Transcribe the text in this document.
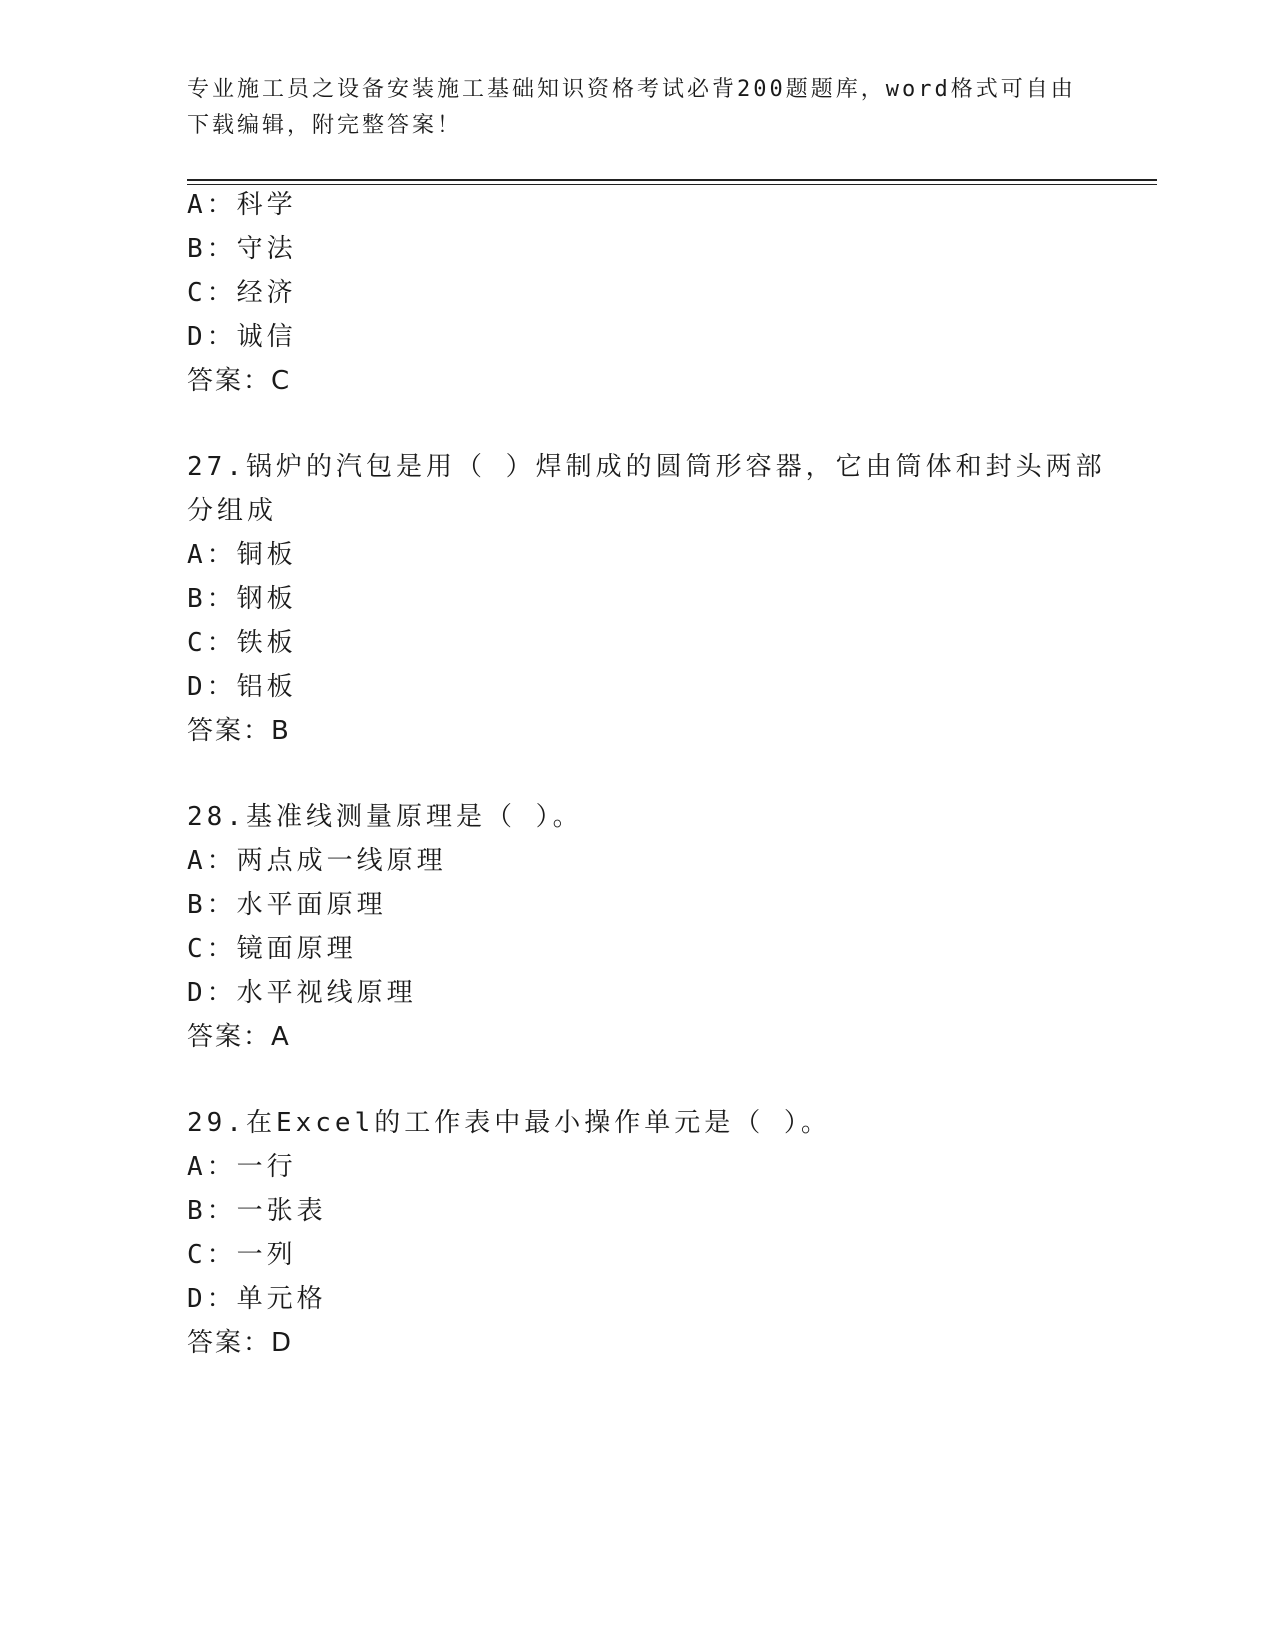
专业施工员之设备安装施工基础知识资格考试必背200题题库，word格式可自由
下载编辑，附完整答案！
A：科学
B：守法
C：经济
D：诚信
答案：C
27.锅炉的汽包是用（ ）焊制成的圆筒形容器，它由筒体和封头两部
分组成
A：铜板
B：钢板
C：铁板
D：铝板
答案：B
28.基准线测量原理是（ ）。
A：两点成一线原理
B：水平面原理
C：镜面原理
D：水平视线原理
答案：A
29.在Excel的工作表中最小操作单元是（ ）。
A：一行
B：一张表
C：一列
D：单元格
答案：D
